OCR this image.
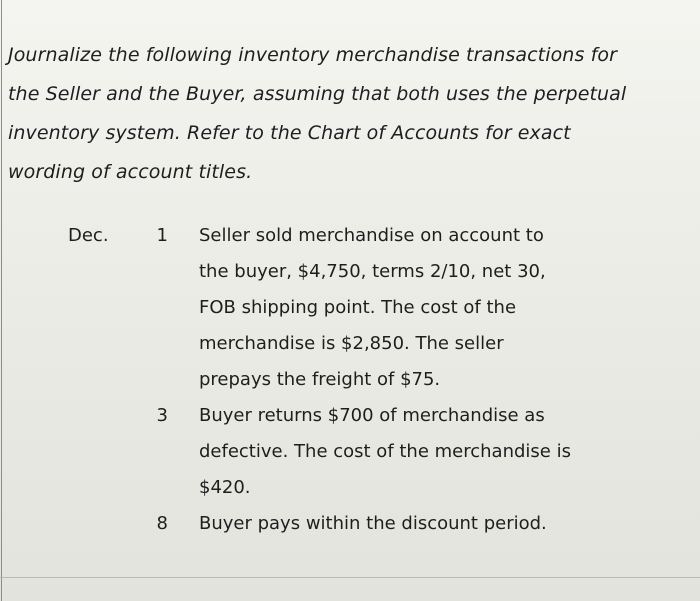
Journalize the following inventory merchandise transactions for
the Seller and the Buyer, assuming that both uses the perpetual
inventory system. Refer to the Chart of Accounts for exact
wording of account titles.

Dec.	1 Seller sold merchandise on account to
the buyer, $4,750, terms 2/10, net 30,
FOB shipping point. The cost of the
merchandise is $2,850. The seller
prepays the freight of $75.
3 Buyer returns $700 of merchandise as
defective. The cost of the merchandise is
$420.
8 Buyer pays within the discount period.
